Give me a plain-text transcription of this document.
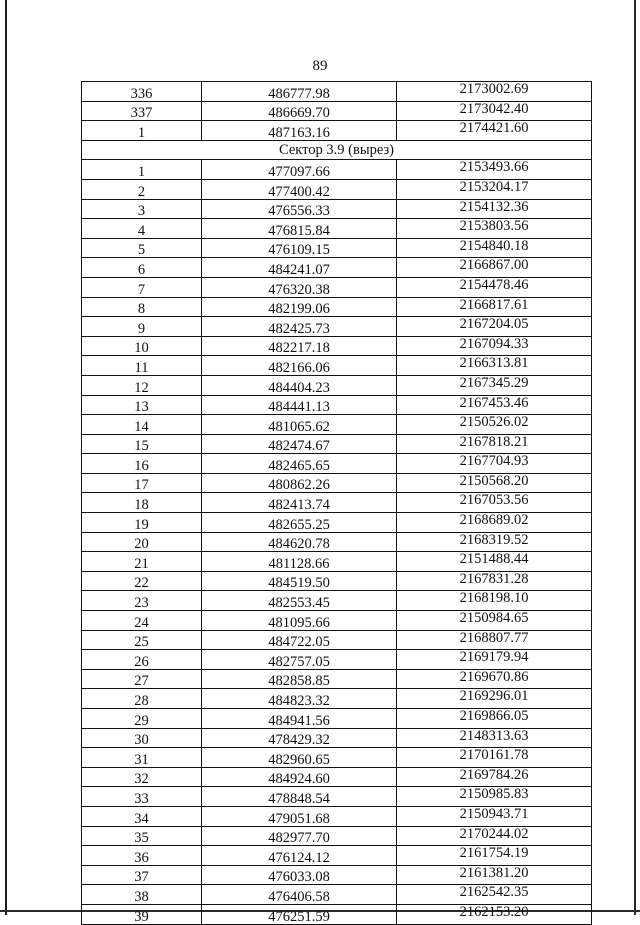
89
336	486777.98	2173002.69
337	486669.70	2173042.40
1	487163.16	2174421.60
Сектор 3.9 (вырез)		
1	477097.66	2153493.66
2	477400.42	2153204.17
3	476556.33	2154132.36
4	476815.84	2153803.56
5	476109.15	2154840.18
6	484241.07	2166867.00
7	476320.38	2154478.46
8	482199.06	2166817.61
9	482425.73	2167204.05
10	482217.18	2167094.33
11	482166.06	2166313.81
12	484404.23	2167345.29
13	484441.13	2167453.46
14	481065.62	2150526.02
15	482474.67	2167818.21
16	482465.65	2167704.93
17	480862.26	2150568.20
18	482413.74	2167053.56
19	482655.25	2168689.02
20	484620.78	2168319.52
21	481128.66	2151488.44
22	484519.50	2167831.28
23	482553.45	2168198.10
24	481095.66	2150984.65
25	484722.05	2168807.77
26	482757.05	2169179.94
27	482858.85	2169670.86
28	484823.32	2169296.01
29	484941.56	2169866.05
30	478429.32	2148313.63
31	482960.65	2170161.78
32	484924.60	2169784.26
33	478848.54	2150985.83
34	479051.68	2150943.71
35	482977.70	2170244.02
36	476124.12	2161754.19
37	476033.08	2161381.20
38	476406.58	2162542.35
39	476251.59	2162153.20
